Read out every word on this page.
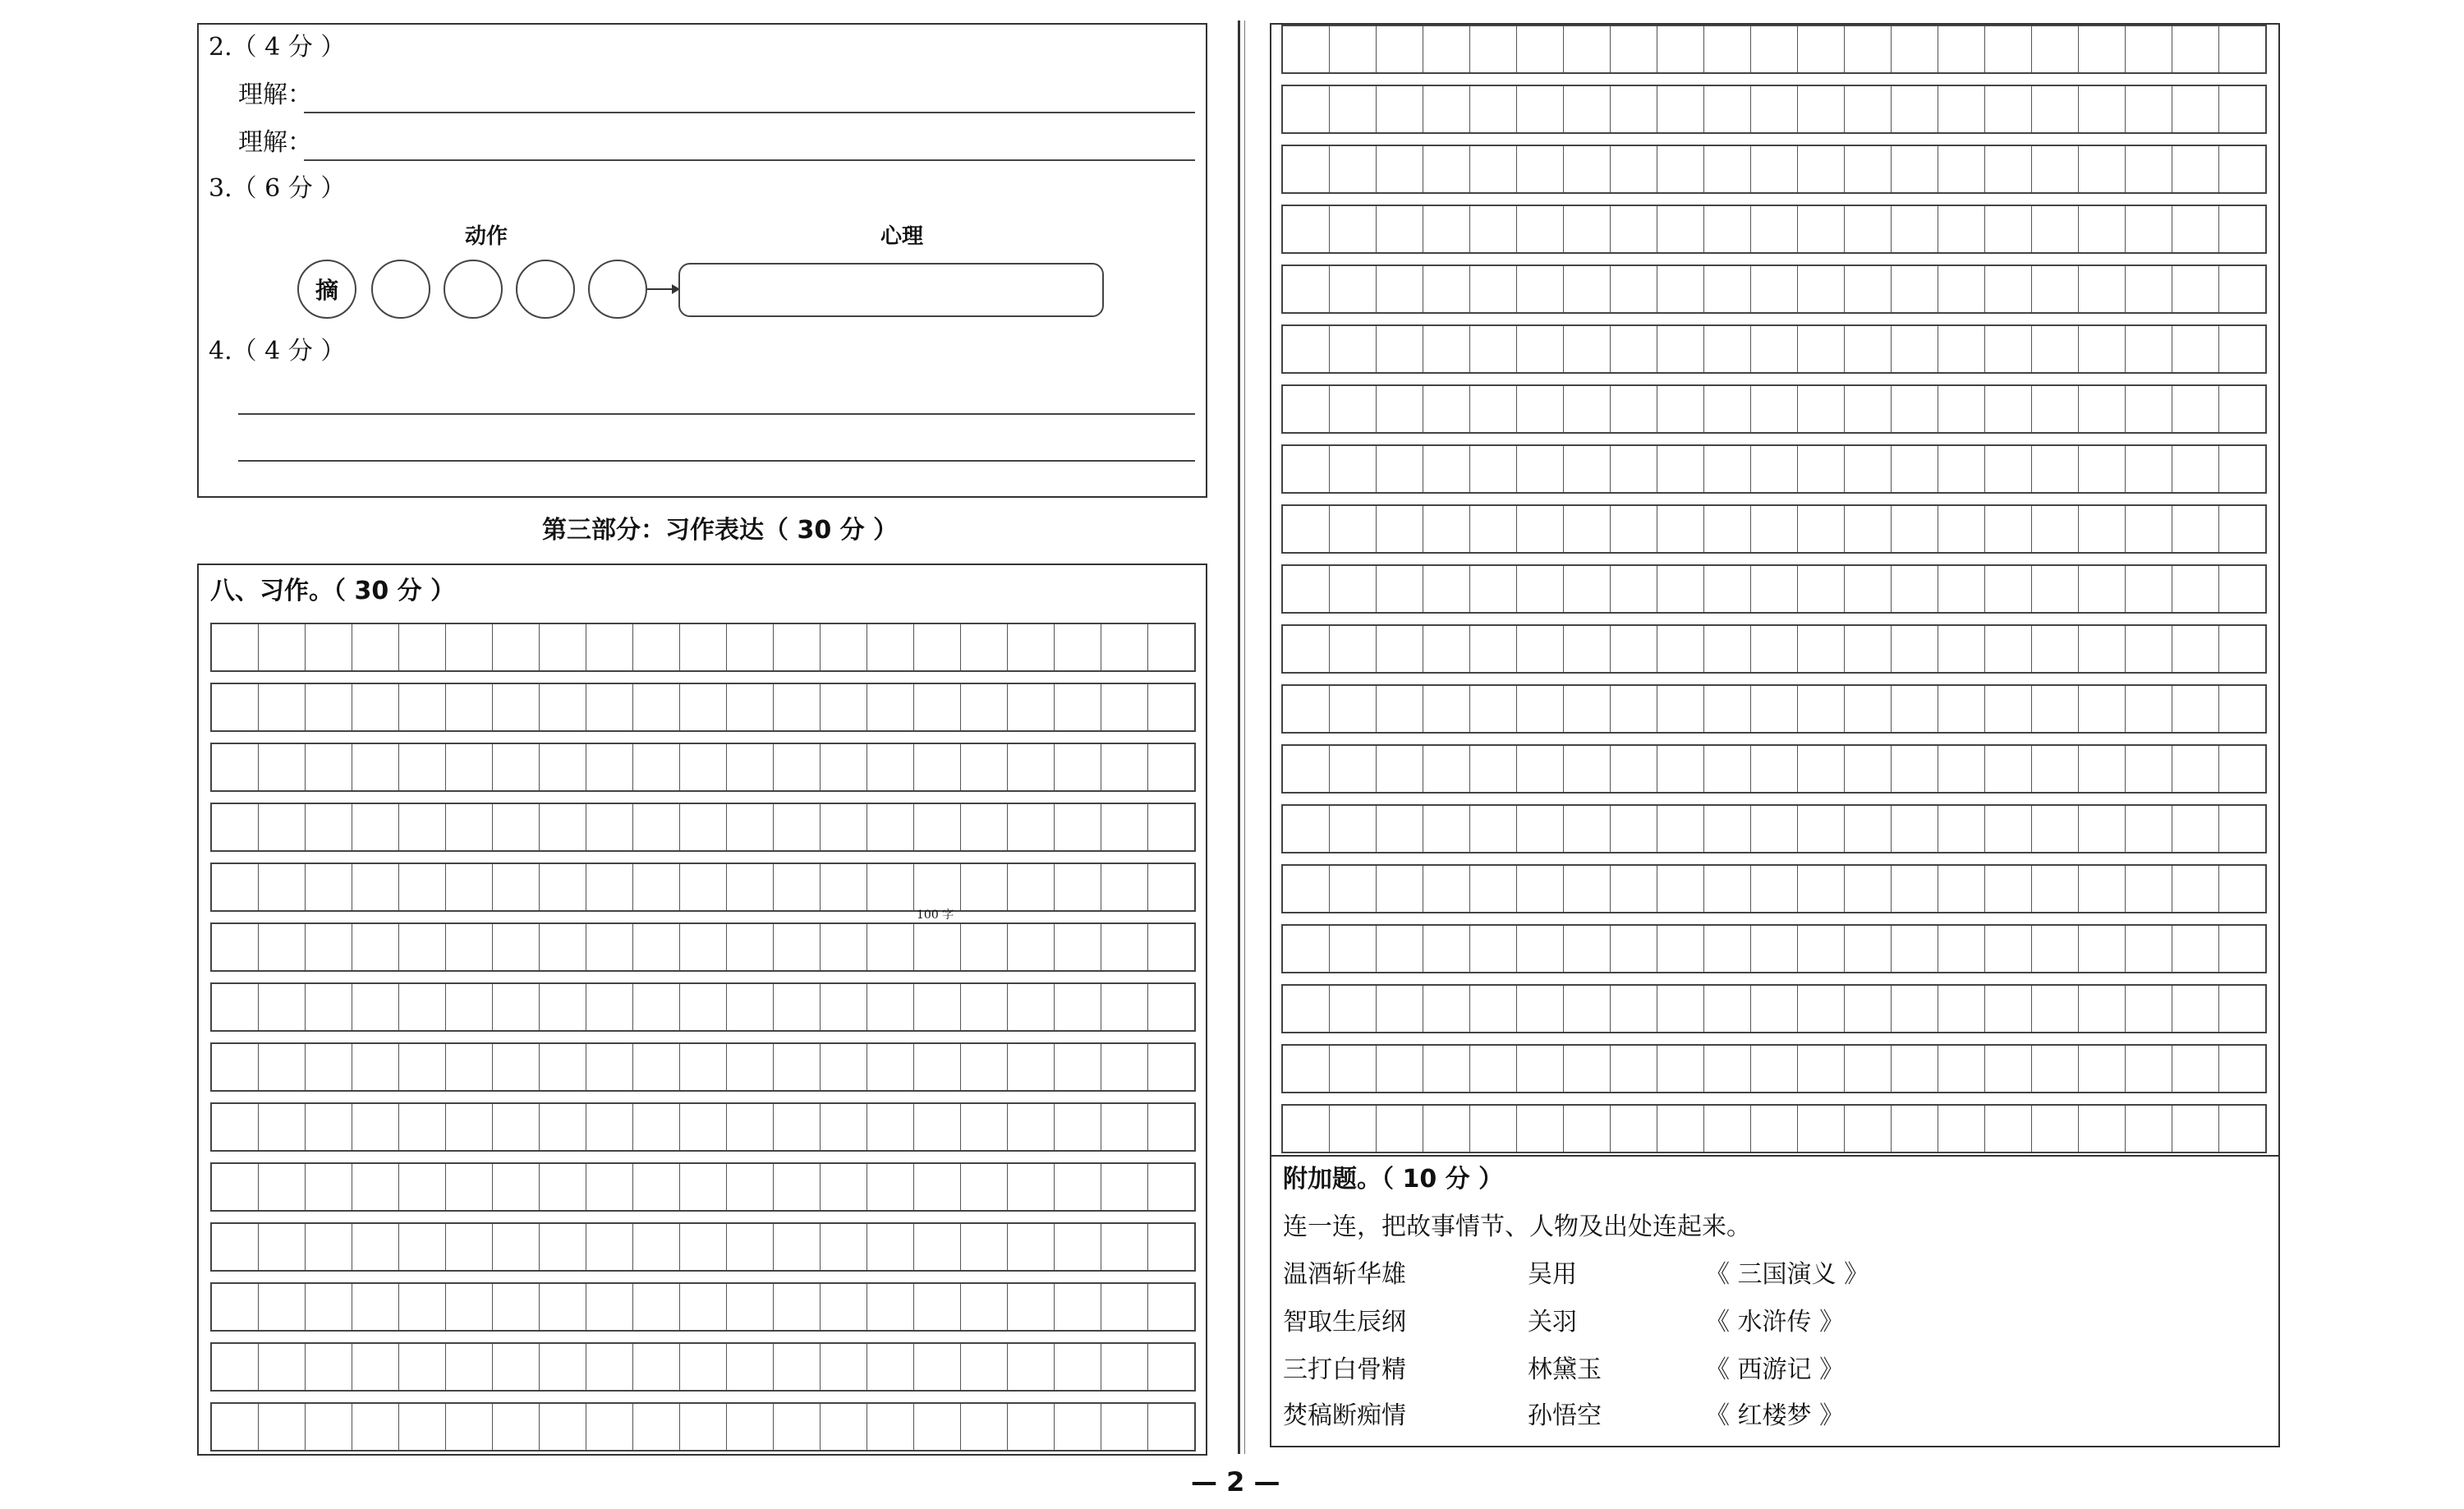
2.（ 4 分 ）
理解：
理解：
3.（ 6 分 ）
动作	心理
摘
4.（ 4 分 ）
第三部分：习作表达（ 30 分 ）
八、习作。（ 30 分 ）
100 字
附加题。（ 10 分 ）
连一连，把故事情节、人物及出处连起来。
温酒斩华雄	吴用	《 三国演义 》
智取生辰纲	关羽	《 水浒传 》
三打白骨精	林黛玉	《 西游记 》
焚稿断痴情	孙悟空	《 红楼梦 》
— 2 —
